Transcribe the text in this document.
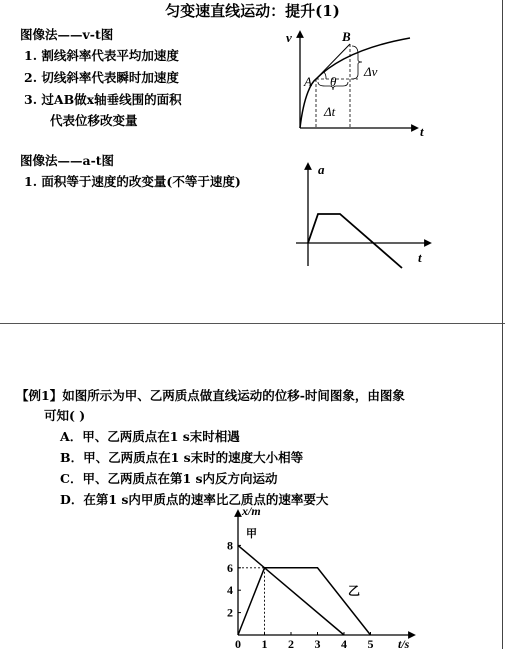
匀变速直线运动：提升(1)
图像法——v-t图
1. 割线斜率代表平均加速度
2. 切线斜率代表瞬时加速度
3. 过AB做x轴垂线围的面积
代表位移改变量
图像法——a-t图
1. 面积等于速度的改变量(不等于速度)
v
t
B
A θ
Δv
Δt
a
t
【例1】如图所示为甲、乙两质点做直线运动的位移-时间图象，由图象
可知( )
A．甲、乙两质点在1 s末时相遇
B．甲、乙两质点在1 s末时的速度大小相等
C．甲、乙两质点在第1 s内反方向运动
D．在第1 s内甲质点的速率比乙质点的速率要大
0 1 2 3 4 5
2
4
6
8
x/m
t/s
甲
乙
